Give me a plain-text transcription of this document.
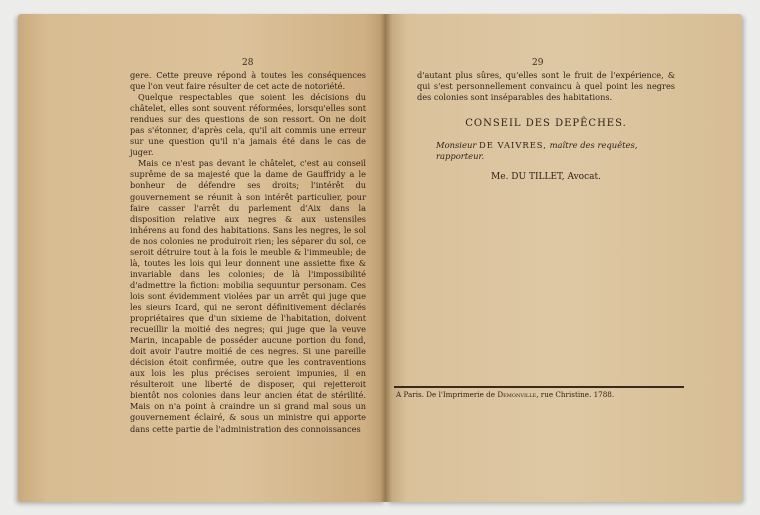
28

gere. Cette preuve répond à toutes les conséquences que l'on veut faire résulter de cet acte de notoriété.

Quelque respectables que soient les décisions du châtelet, elles sont souvent réformées, lorsqu'elles sont rendues sur des questions de son ressort. On ne doit pas s'étonner, d'après cela, qu'il ait commis une erreur sur une question qu'il n'a jamais été dans le cas de juger.

Mais ce n'est pas devant le châtelet, c'est au conseil suprême de sa majesté que la dame de Gauffridy a le bonheur de défendre ses droits; l'intérêt du gouvernement se réunit à son intérêt particulier, pour faire casser l'arrêt du parlement d'Aix dans la disposition relative aux negres & aux ustensiles inhérens au fond des habitations. Sans les negres, le sol de nos colonies ne produiroit rien; les séparer du sol, ce seroit détruire tout à la fois le meuble & l'immeuble; de là, toutes les lois qui leur donnent une assiette fixe & invariable dans les colonies; de là l'impossibilité d'admettre la fiction: mobilia sequuntur personam. Ces lois sont évidemment violées par un arrêt qui juge que les sieurs Icard, qui ne seront définitivement déclarés propriétaires que d'un sixieme de l'habitation, doivent recueillir la moitié des negres; qui juge que la veuve Marin, incapable de posséder aucune portion du fond, doit avoir l'autre moitié de ces negres. Si une pareille décision étoit confirmée, outre que les contraventions aux lois les plus précises seroient impunies, il en résulteroit une liberté de disposer, qui rejetteroit bientôt nos colonies dans leur ancien état de stérilité. Mais on n'a point à craindre un si grand mal sous un gouvernement éclairé, & sous un ministre qui apporte dans cette partie de l'administration des connoissances

29

d'autant plus sûres, qu'elles sont le fruit de l'expérience, & qui s'est personnellement convaincu à quel point les negres des colonies sont inséparables des habitations.

CONSEIL DES DEPÊCHES.
Monsieur DE VAIVRES, maître des requêtes, rapporteur.
Me. DU TILLET, Avocat.
A Paris. De l'Imprimerie de Demonville, rue Christine. 1788.
